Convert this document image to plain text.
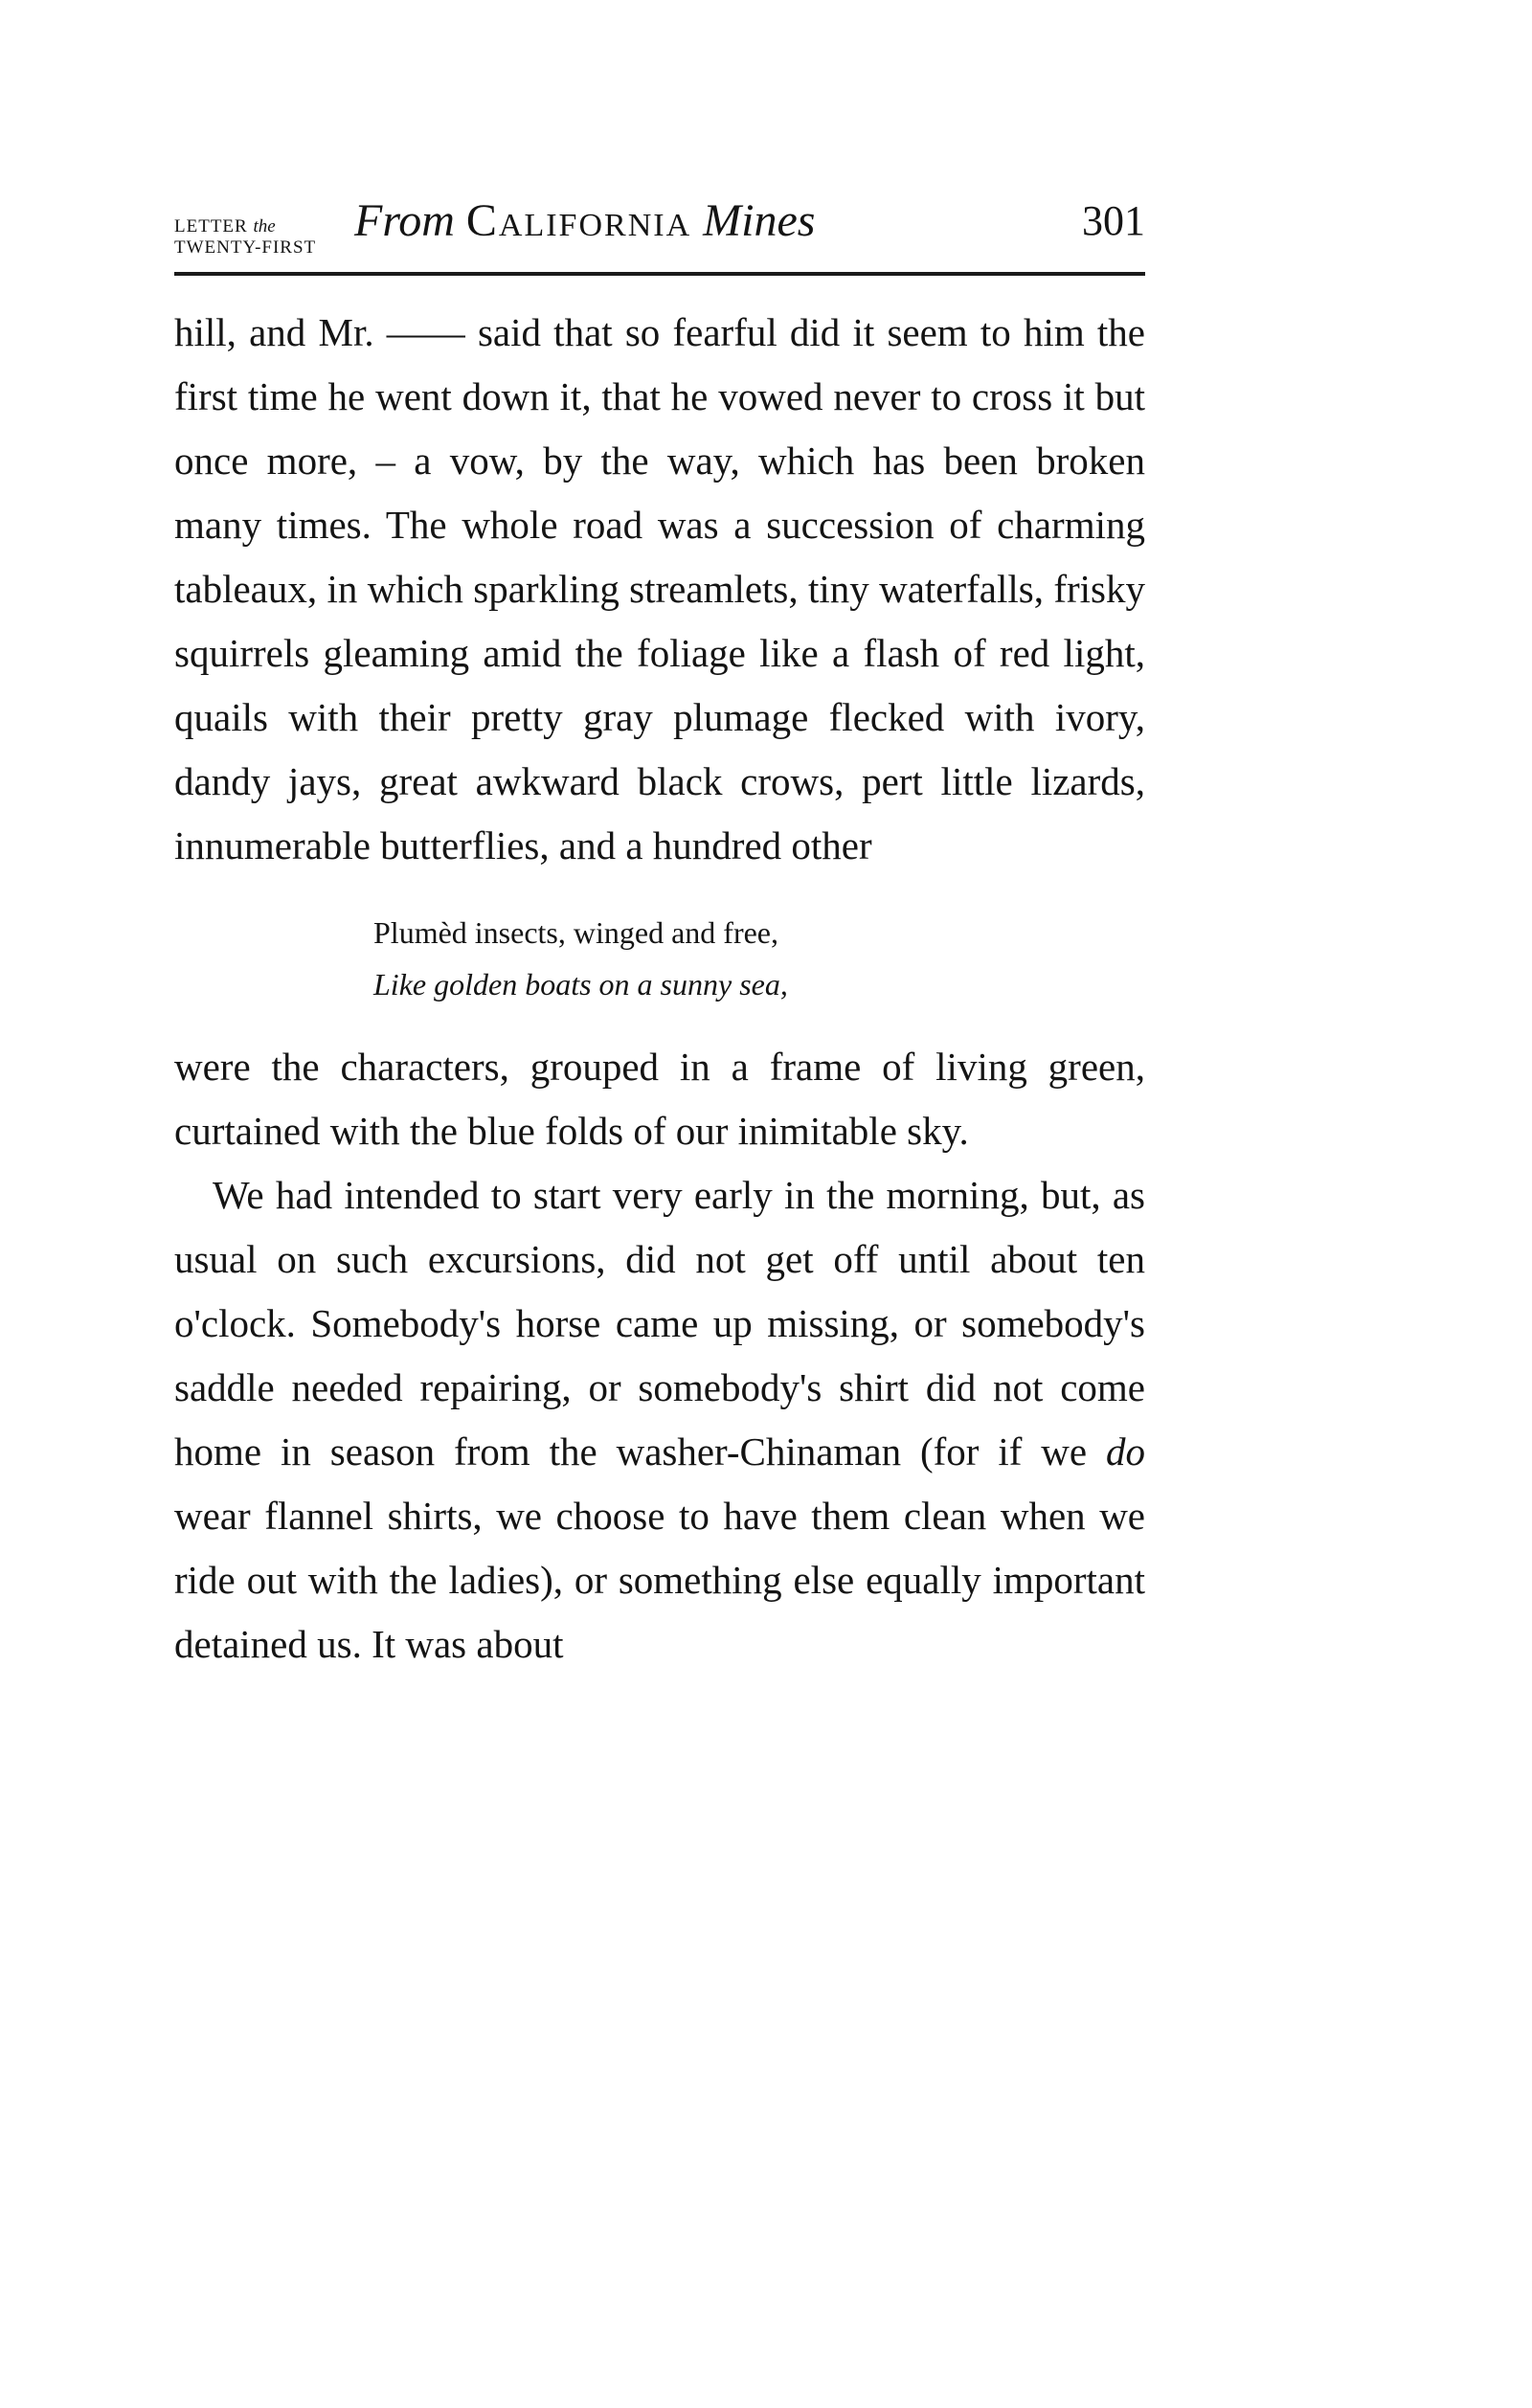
LETTER the
TWENTY-FIRST
From California Mines	301

hill, and Mr. —— said that so fearful did it seem to him the first time he went down it, that he vowed never to cross it but once more, – a vow, by the way, which has been broken many times. The whole road was a succession of charming tableaux, in which sparkling streamlets, tiny waterfalls, frisky squirrels gleaming amid the foliage like a flash of red light, quails with their pretty gray plumage flecked with ivory, dandy jays, great awkward black crows, pert little lizards, innumerable butterflies, and a hundred other

Plumèd insects, winged and free,
Like golden boats on a sunny sea,

were the characters, grouped in a frame of living green, curtained with the blue folds of our inimitable sky.

We had intended to start very early in the morning, but, as usual on such excursions, did not get off until about ten o'clock. Somebody's horse came up missing, or somebody's saddle needed repairing, or somebody's shirt did not come home in season from the washer-Chinaman (for if we do wear flannel shirts, we choose to have them clean when we ride out with the ladies), or something else equally important detained us. It was about
